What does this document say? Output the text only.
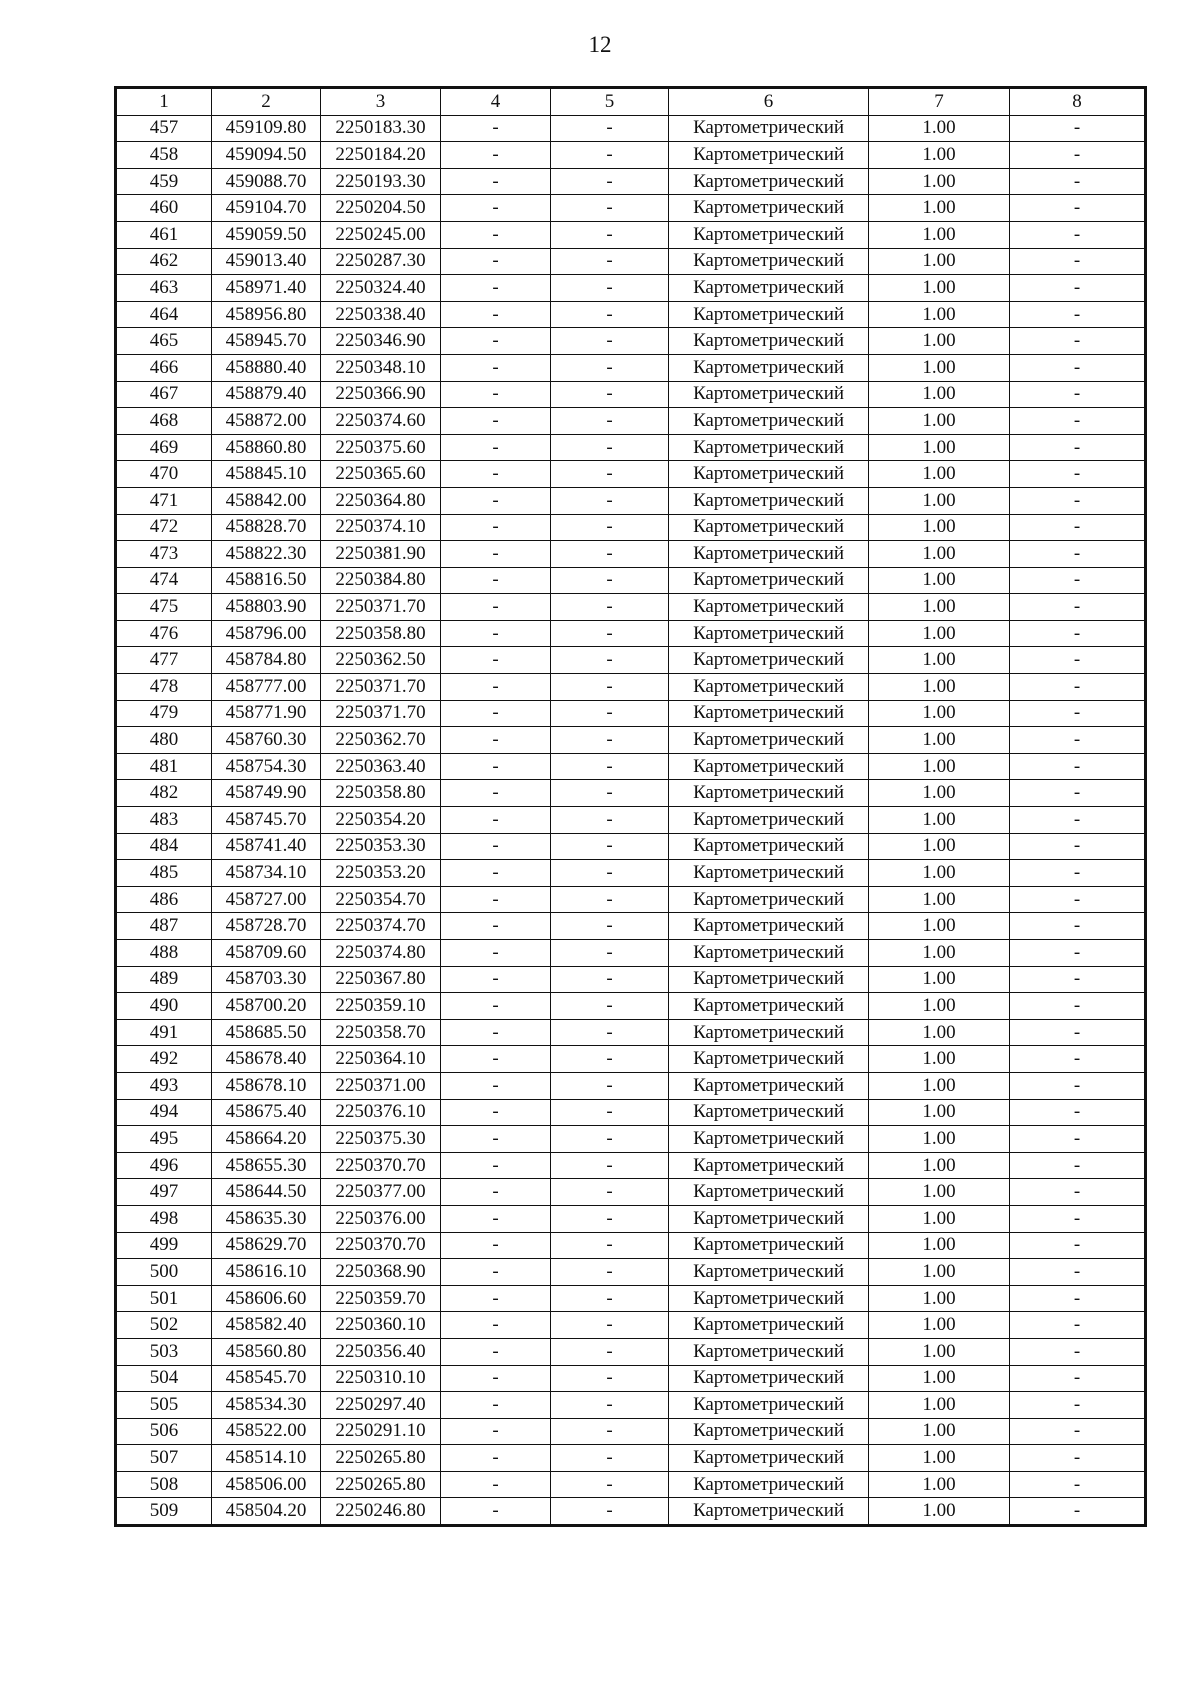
12
1	2	3	4	5	6	7	8
457	459109.80	2250183.30	-	-	Картометрический	1.00	-
458	459094.50	2250184.20	-	-	Картометрический	1.00	-
459	459088.70	2250193.30	-	-	Картометрический	1.00	-
460	459104.70	2250204.50	-	-	Картометрический	1.00	-
461	459059.50	2250245.00	-	-	Картометрический	1.00	-
462	459013.40	2250287.30	-	-	Картометрический	1.00	-
463	458971.40	2250324.40	-	-	Картометрический	1.00	-
464	458956.80	2250338.40	-	-	Картометрический	1.00	-
465	458945.70	2250346.90	-	-	Картометрический	1.00	-
466	458880.40	2250348.10	-	-	Картометрический	1.00	-
467	458879.40	2250366.90	-	-	Картометрический	1.00	-
468	458872.00	2250374.60	-	-	Картометрический	1.00	-
469	458860.80	2250375.60	-	-	Картометрический	1.00	-
470	458845.10	2250365.60	-	-	Картометрический	1.00	-
471	458842.00	2250364.80	-	-	Картометрический	1.00	-
472	458828.70	2250374.10	-	-	Картометрический	1.00	-
473	458822.30	2250381.90	-	-	Картометрический	1.00	-
474	458816.50	2250384.80	-	-	Картометрический	1.00	-
475	458803.90	2250371.70	-	-	Картометрический	1.00	-
476	458796.00	2250358.80	-	-	Картометрический	1.00	-
477	458784.80	2250362.50	-	-	Картометрический	1.00	-
478	458777.00	2250371.70	-	-	Картометрический	1.00	-
479	458771.90	2250371.70	-	-	Картометрический	1.00	-
480	458760.30	2250362.70	-	-	Картометрический	1.00	-
481	458754.30	2250363.40	-	-	Картометрический	1.00	-
482	458749.90	2250358.80	-	-	Картометрический	1.00	-
483	458745.70	2250354.20	-	-	Картометрический	1.00	-
484	458741.40	2250353.30	-	-	Картометрический	1.00	-
485	458734.10	2250353.20	-	-	Картометрический	1.00	-
486	458727.00	2250354.70	-	-	Картометрический	1.00	-
487	458728.70	2250374.70	-	-	Картометрический	1.00	-
488	458709.60	2250374.80	-	-	Картометрический	1.00	-
489	458703.30	2250367.80	-	-	Картометрический	1.00	-
490	458700.20	2250359.10	-	-	Картометрический	1.00	-
491	458685.50	2250358.70	-	-	Картометрический	1.00	-
492	458678.40	2250364.10	-	-	Картометрический	1.00	-
493	458678.10	2250371.00	-	-	Картометрический	1.00	-
494	458675.40	2250376.10	-	-	Картометрический	1.00	-
495	458664.20	2250375.30	-	-	Картометрический	1.00	-
496	458655.30	2250370.70	-	-	Картометрический	1.00	-
497	458644.50	2250377.00	-	-	Картометрический	1.00	-
498	458635.30	2250376.00	-	-	Картометрический	1.00	-
499	458629.70	2250370.70	-	-	Картометрический	1.00	-
500	458616.10	2250368.90	-	-	Картометрический	1.00	-
501	458606.60	2250359.70	-	-	Картометрический	1.00	-
502	458582.40	2250360.10	-	-	Картометрический	1.00	-
503	458560.80	2250356.40	-	-	Картометрический	1.00	-
504	458545.70	2250310.10	-	-	Картометрический	1.00	-
505	458534.30	2250297.40	-	-	Картометрический	1.00	-
506	458522.00	2250291.10	-	-	Картометрический	1.00	-
507	458514.10	2250265.80	-	-	Картометрический	1.00	-
508	458506.00	2250265.80	-	-	Картометрический	1.00	-
509	458504.20	2250246.80	-	-	Картометрический	1.00	-
